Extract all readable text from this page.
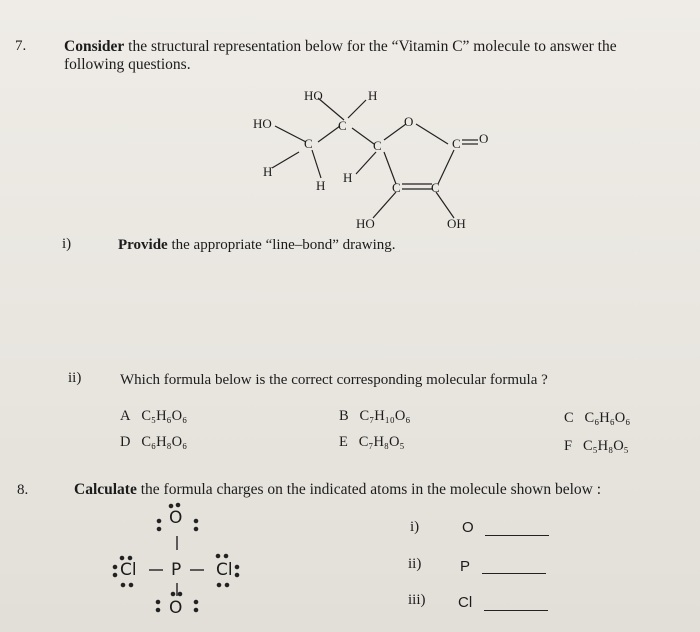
7. Consider the structural representation below for the “Vitamin C” molecule to answer the
following questions.
HO	H
HO	C
C
O
C	C O
H
H
H
C C
HO	OH
i)	Provide the appropriate “line–bond” drawing.
ii)	Which formula below is the correct corresponding molecular formula ?
A C₅H₆O₆	B C₇H₁₀O₆	C C₆H₆O₆
D C₆H₈O₆	E C₇H₈O₅	F C₅H₈O₅
8.	Calculate the formula charges on the indicated atoms in the molecule shown below :
O
Cl P Cl
O
i)	O
ii)	P
iii) Cl
